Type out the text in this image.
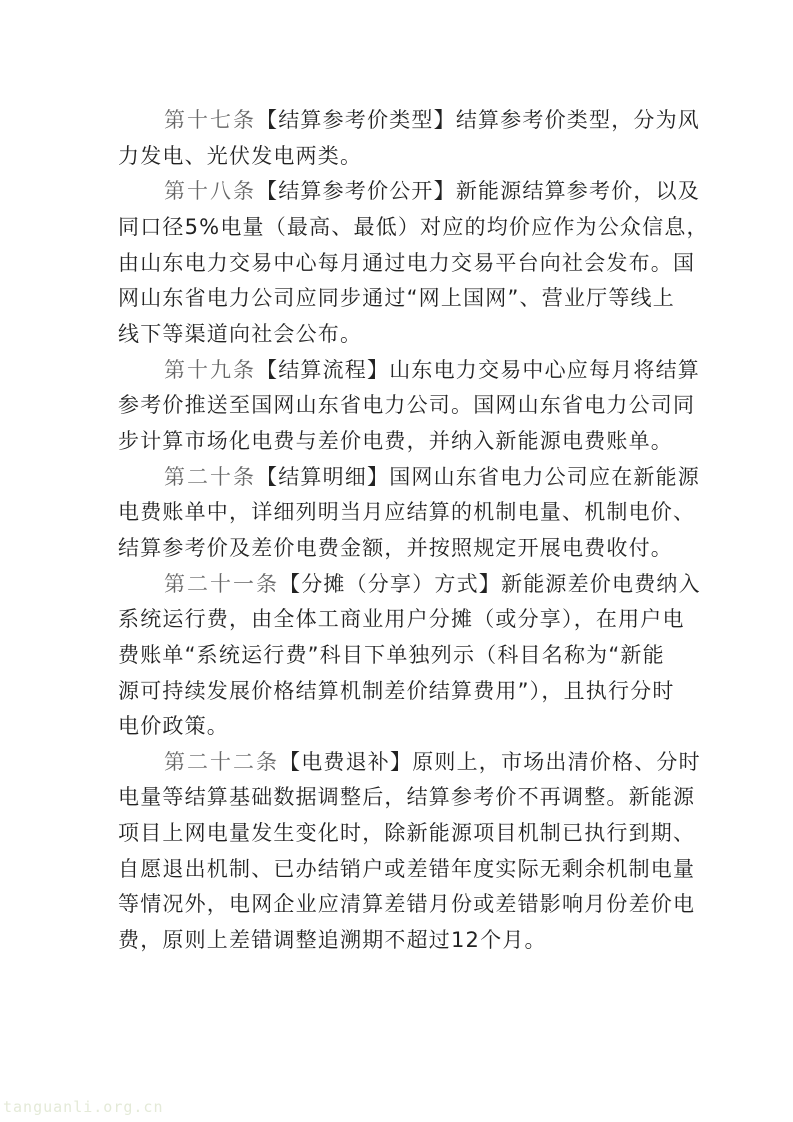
第十七条【结算参考价类型】结算参考价类型，分为风
力发电、光伏发电两类。
第十八条【结算参考价公开】新能源结算参考价，以及
同口径5%电量（最高、最低）对应的均价应作为公众信息，
由山东电力交易中心每月通过电力交易平台向社会发布。国
网山东省电力公司应同步通过“网上国网”、营业厅等线上
线下等渠道向社会公布。
第十九条【结算流程】山东电力交易中心应每月将结算
参考价推送至国网山东省电力公司。国网山东省电力公司同
步计算市场化电费与差价电费，并纳入新能源电费账单。
第二十条【结算明细】国网山东省电力公司应在新能源
电费账单中，详细列明当月应结算的机制电量、机制电价、
结算参考价及差价电费金额，并按照规定开展电费收付。
第二十一条【分摊（分享）方式】新能源差价电费纳入
系统运行费，由全体工商业用户分摊（或分享），在用户电
费账单“系统运行费”科目下单独列示（科目名称为“新能
源可持续发展价格结算机制差价结算费用”），且执行分时
电价政策。
第二十二条【电费退补】原则上，市场出清价格、分时
电量等结算基础数据调整后，结算参考价不再调整。新能源
项目上网电量发生变化时，除新能源项目机制已执行到期、
自愿退出机制、已办结销户或差错年度实际无剩余机制电量
等情况外，电网企业应清算差错月份或差错影响月份差价电
费，原则上差错调整追溯期不超过12个月。
tanguanli.org.cn
